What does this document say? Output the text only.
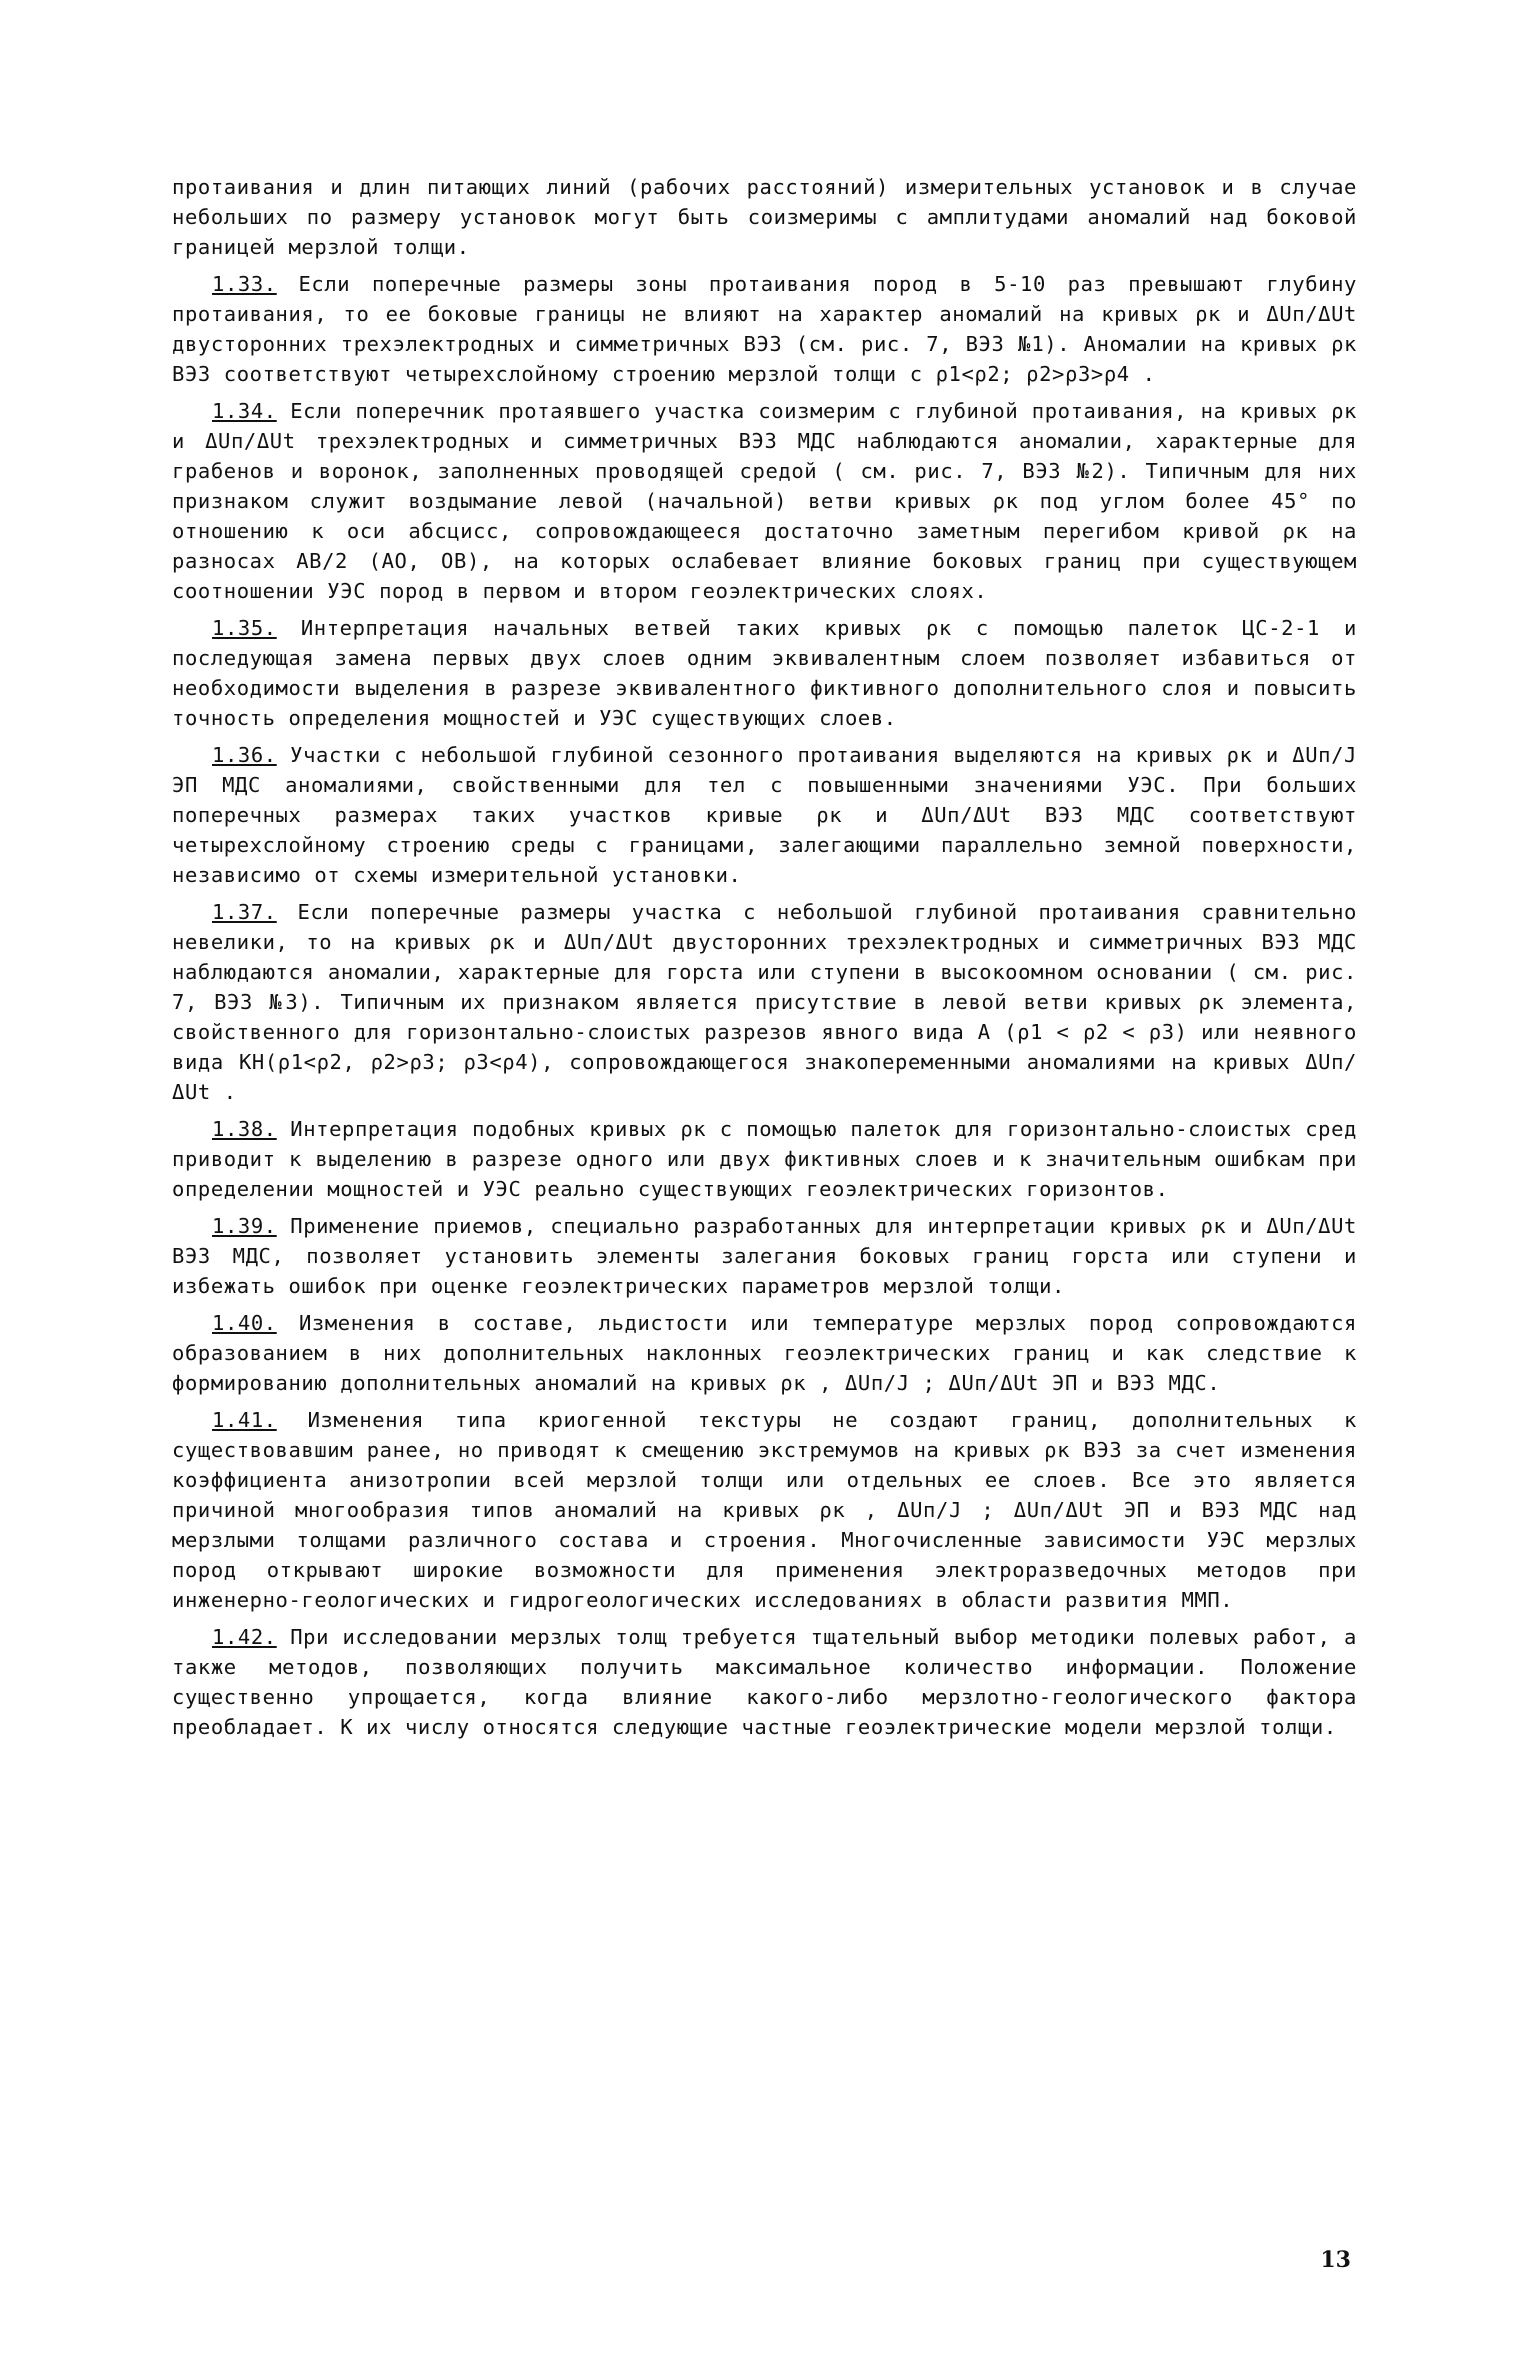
протаивания и длин питающих линий (рабочих расстояний) измерительных установок и в случае небольших по размеру установок могут быть соизмеримы с амплитудами аномалий над боковой границей мерзлой толщи.

1.33. Если поперечные размеры зоны протаивания пород в 5-10 раз превышают глубину протаивания, то ее боковые границы не влияют на характер аномалий на кривых ρк и ΔUп/ΔUt двусторонних трехэлектродных и симметричных ВЭЗ (см. рис. 7, ВЭЗ №1). Аномалии на кривых ρк ВЭЗ соответствуют четырехслойному строению мерзлой толщи с ρ1<ρ2; ρ2>ρ3>ρ4 .

1.34. Если поперечник протаявшего участка соизмерим с глубиной протаивания, на кривых ρк и ΔUп/ΔUt трехэлектродных и симметричных ВЭЗ МДС наблюдаются аномалии, характерные для грабенов и воронок, заполненных проводящей средой ( см. рис. 7, ВЭЗ №2). Типичным для них признаком служит воздымание левой (начальной) ветви кривых ρк под углом более 45° по отношению к оси абсцисс, сопровождающееся достаточно заметным перегибом кривой ρк на разносах АВ/2 (АО, ОВ), на которых ослабевает влияние боковых границ при существующем соотношении УЭС пород в первом и втором геоэлектрических слоях.

1.35. Интерпретация начальных ветвей таких кривых ρк с помощью палеток ЦС-2-1 и последующая замена первых двух слоев одним эквивалентным слоем позволяет избавиться от необходимости выделения в разрезе эквивалентного фиктивного дополнительного слоя и повысить точность определения мощностей и УЭС существующих слоев.

1.36. Участки с небольшой глубиной сезонного протаивания выделяются на кривых ρк и ΔUп/J ЭП МДС аномалиями, свойственными для тел с повышенными значениями УЭС. При больших поперечных размерах таких участков кривые ρк и ΔUп/ΔUt ВЭЗ МДС соответствуют четырехслойному строению среды с границами, залегающими параллельно земной поверхности, независимо от схемы измерительной установки.

1.37. Если поперечные размеры участка с небольшой глубиной протаивания сравнительно невелики, то на кривых ρк и ΔUп/ΔUt двусторонних трехэлектродных и симметричных ВЭЗ МДС наблюдаются аномалии, характерные для горста или ступени в высокоомном основании ( см. рис. 7, ВЭЗ №3). Типичным их признаком является присутствие в левой ветви кривых ρк элемента, свойственного для горизонтально-слоистых разрезов явного вида А (ρ1 < ρ2 < ρ3) или неявного вида КН(ρ1<ρ2, ρ2>ρ3; ρ3<ρ4), сопровождающегося знакопеременными аномалиями на кривых ΔUп/ΔUt .

1.38. Интерпретация подобных кривых ρк с помощью палеток для горизонтально-слоистых сред приводит к выделению в разрезе одного или двух фиктивных слоев и к значительным ошибкам при определении мощностей и УЭС реально существующих геоэлектрических горизонтов.

1.39. Применение приемов, специально разработанных для интерпретации кривых ρк и ΔUп/ΔUt ВЭЗ МДС, позволяет установить элементы залегания боковых границ горста или ступени и избежать ошибок при оценке геоэлектрических параметров мерзлой толщи.

1.40. Изменения в составе, льдистости или температуре мерзлых пород сопровождаются образованием в них дополнительных наклонных геоэлектрических границ и как следствие к формированию дополнительных аномалий на кривых ρк , ΔUп/J ; ΔUп/ΔUt ЭП и ВЭЗ МДС.

1.41. Изменения типа криогенной текстуры не создают границ, дополнительных к существовавшим ранее, но приводят к смещению экстремумов на кривых ρк ВЭЗ за счет изменения коэффициента анизотропии всей мерзлой толщи или отдельных ее слоев. Все это является причиной многообразия типов аномалий на кривых ρк , ΔUп/J ; ΔUп/ΔUt ЭП и ВЭЗ МДС над мерзлыми толщами различного состава и строения. Многочисленные зависимости УЭС мерзлых пород открывают широкие возможности для применения электроразведочных методов при инженерно-геологических и гидрогеологических исследованиях в области развития ММП.

1.42. При исследовании мерзлых толщ требуется тщательный выбор методики полевых работ, а также методов, позволяющих получить максимальное количество информации. Положение существенно упрощается, когда влияние какого-либо мерзлотно-геологического фактора преобладает. К их числу относятся следующие частные геоэлектрические модели мерзлой толщи.

13
